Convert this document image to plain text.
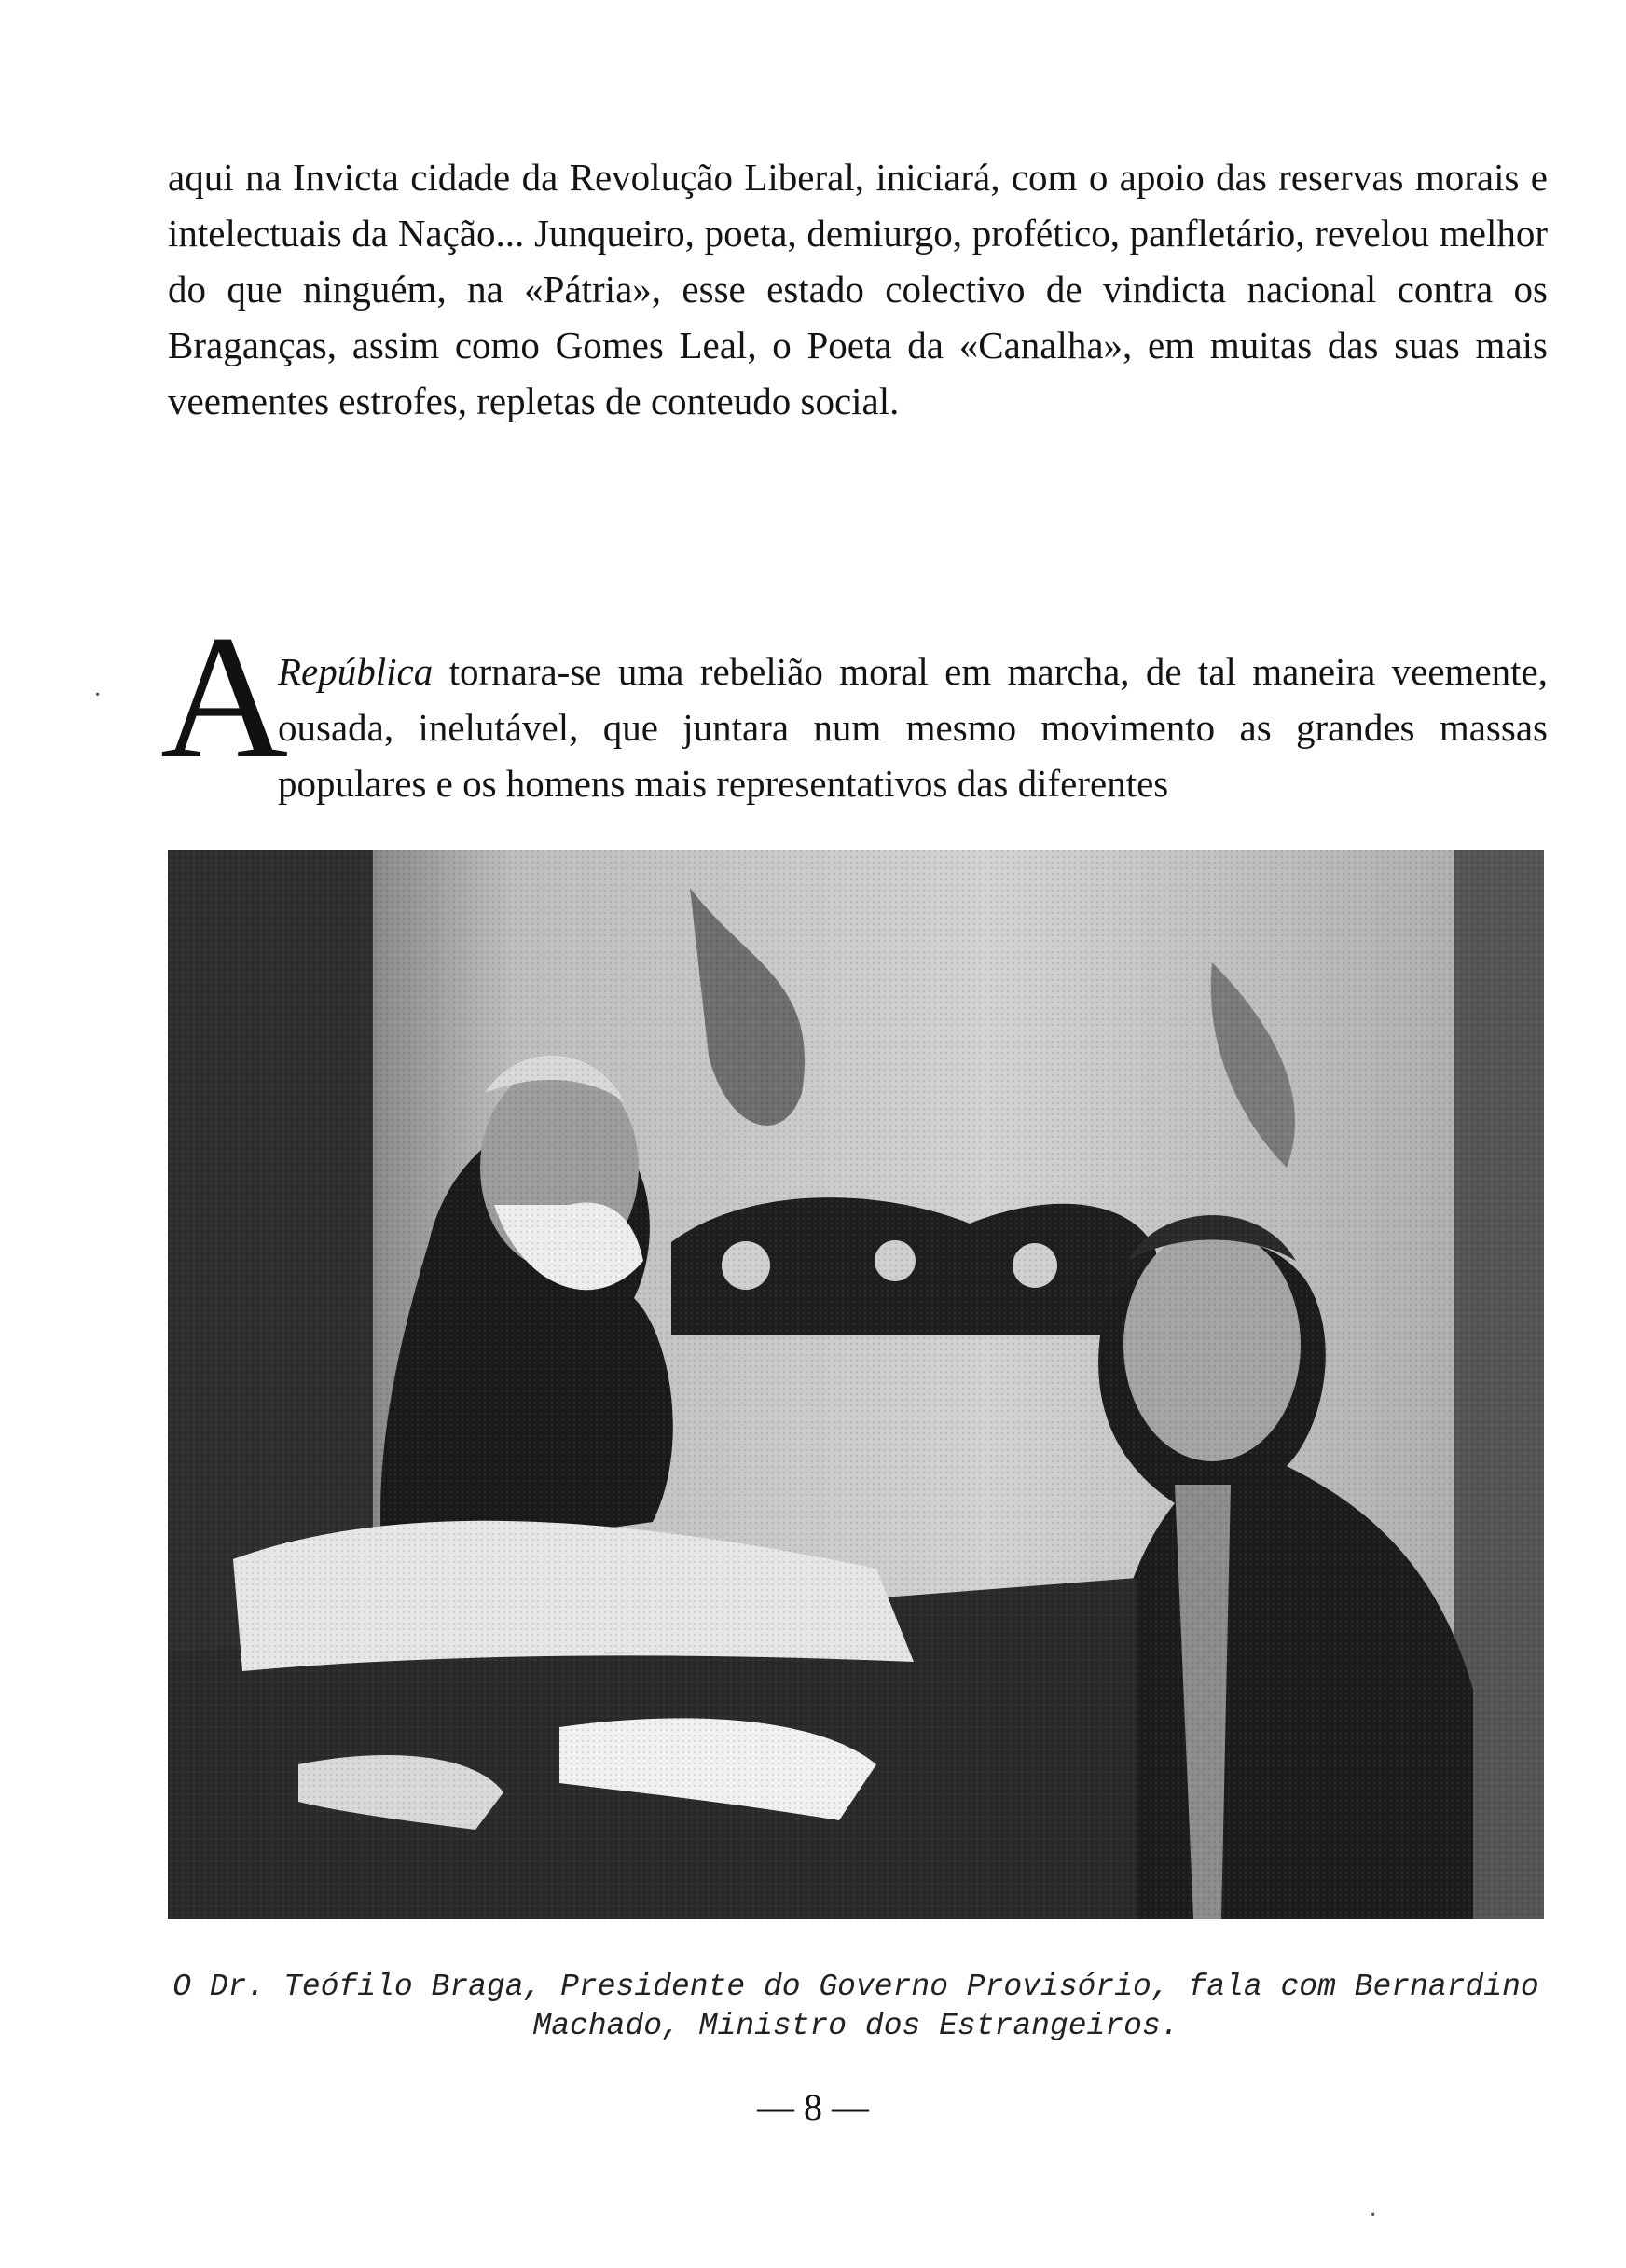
aqui na Invicta cidade da Revolução Liberal, iniciará, com o apoio das reservas morais e intelectuais da Nação... Junqueiro, poeta, demiurgo, profético, panfletário, revelou melhor do que ninguém, na «Pátria», esse estado colectivo de vindicta nacional contra os Braganças, assim como Gomes Leal, o Poeta da «Canalha», em muitas das suas mais veementes estrofes, repletas de conteudo social.

A

República tornara-se uma rebelião moral em marcha, de tal maneira veemente, ousada, inelutável, que juntara num mesmo movimento as grandes massas populares e os homens mais representativos das diferentes

O Dr. Teófilo Braga, Presidente do Governo Provisório, fala com Bernardino
Machado, Ministro dos Estrangeiros.
— 8 —
·
·
